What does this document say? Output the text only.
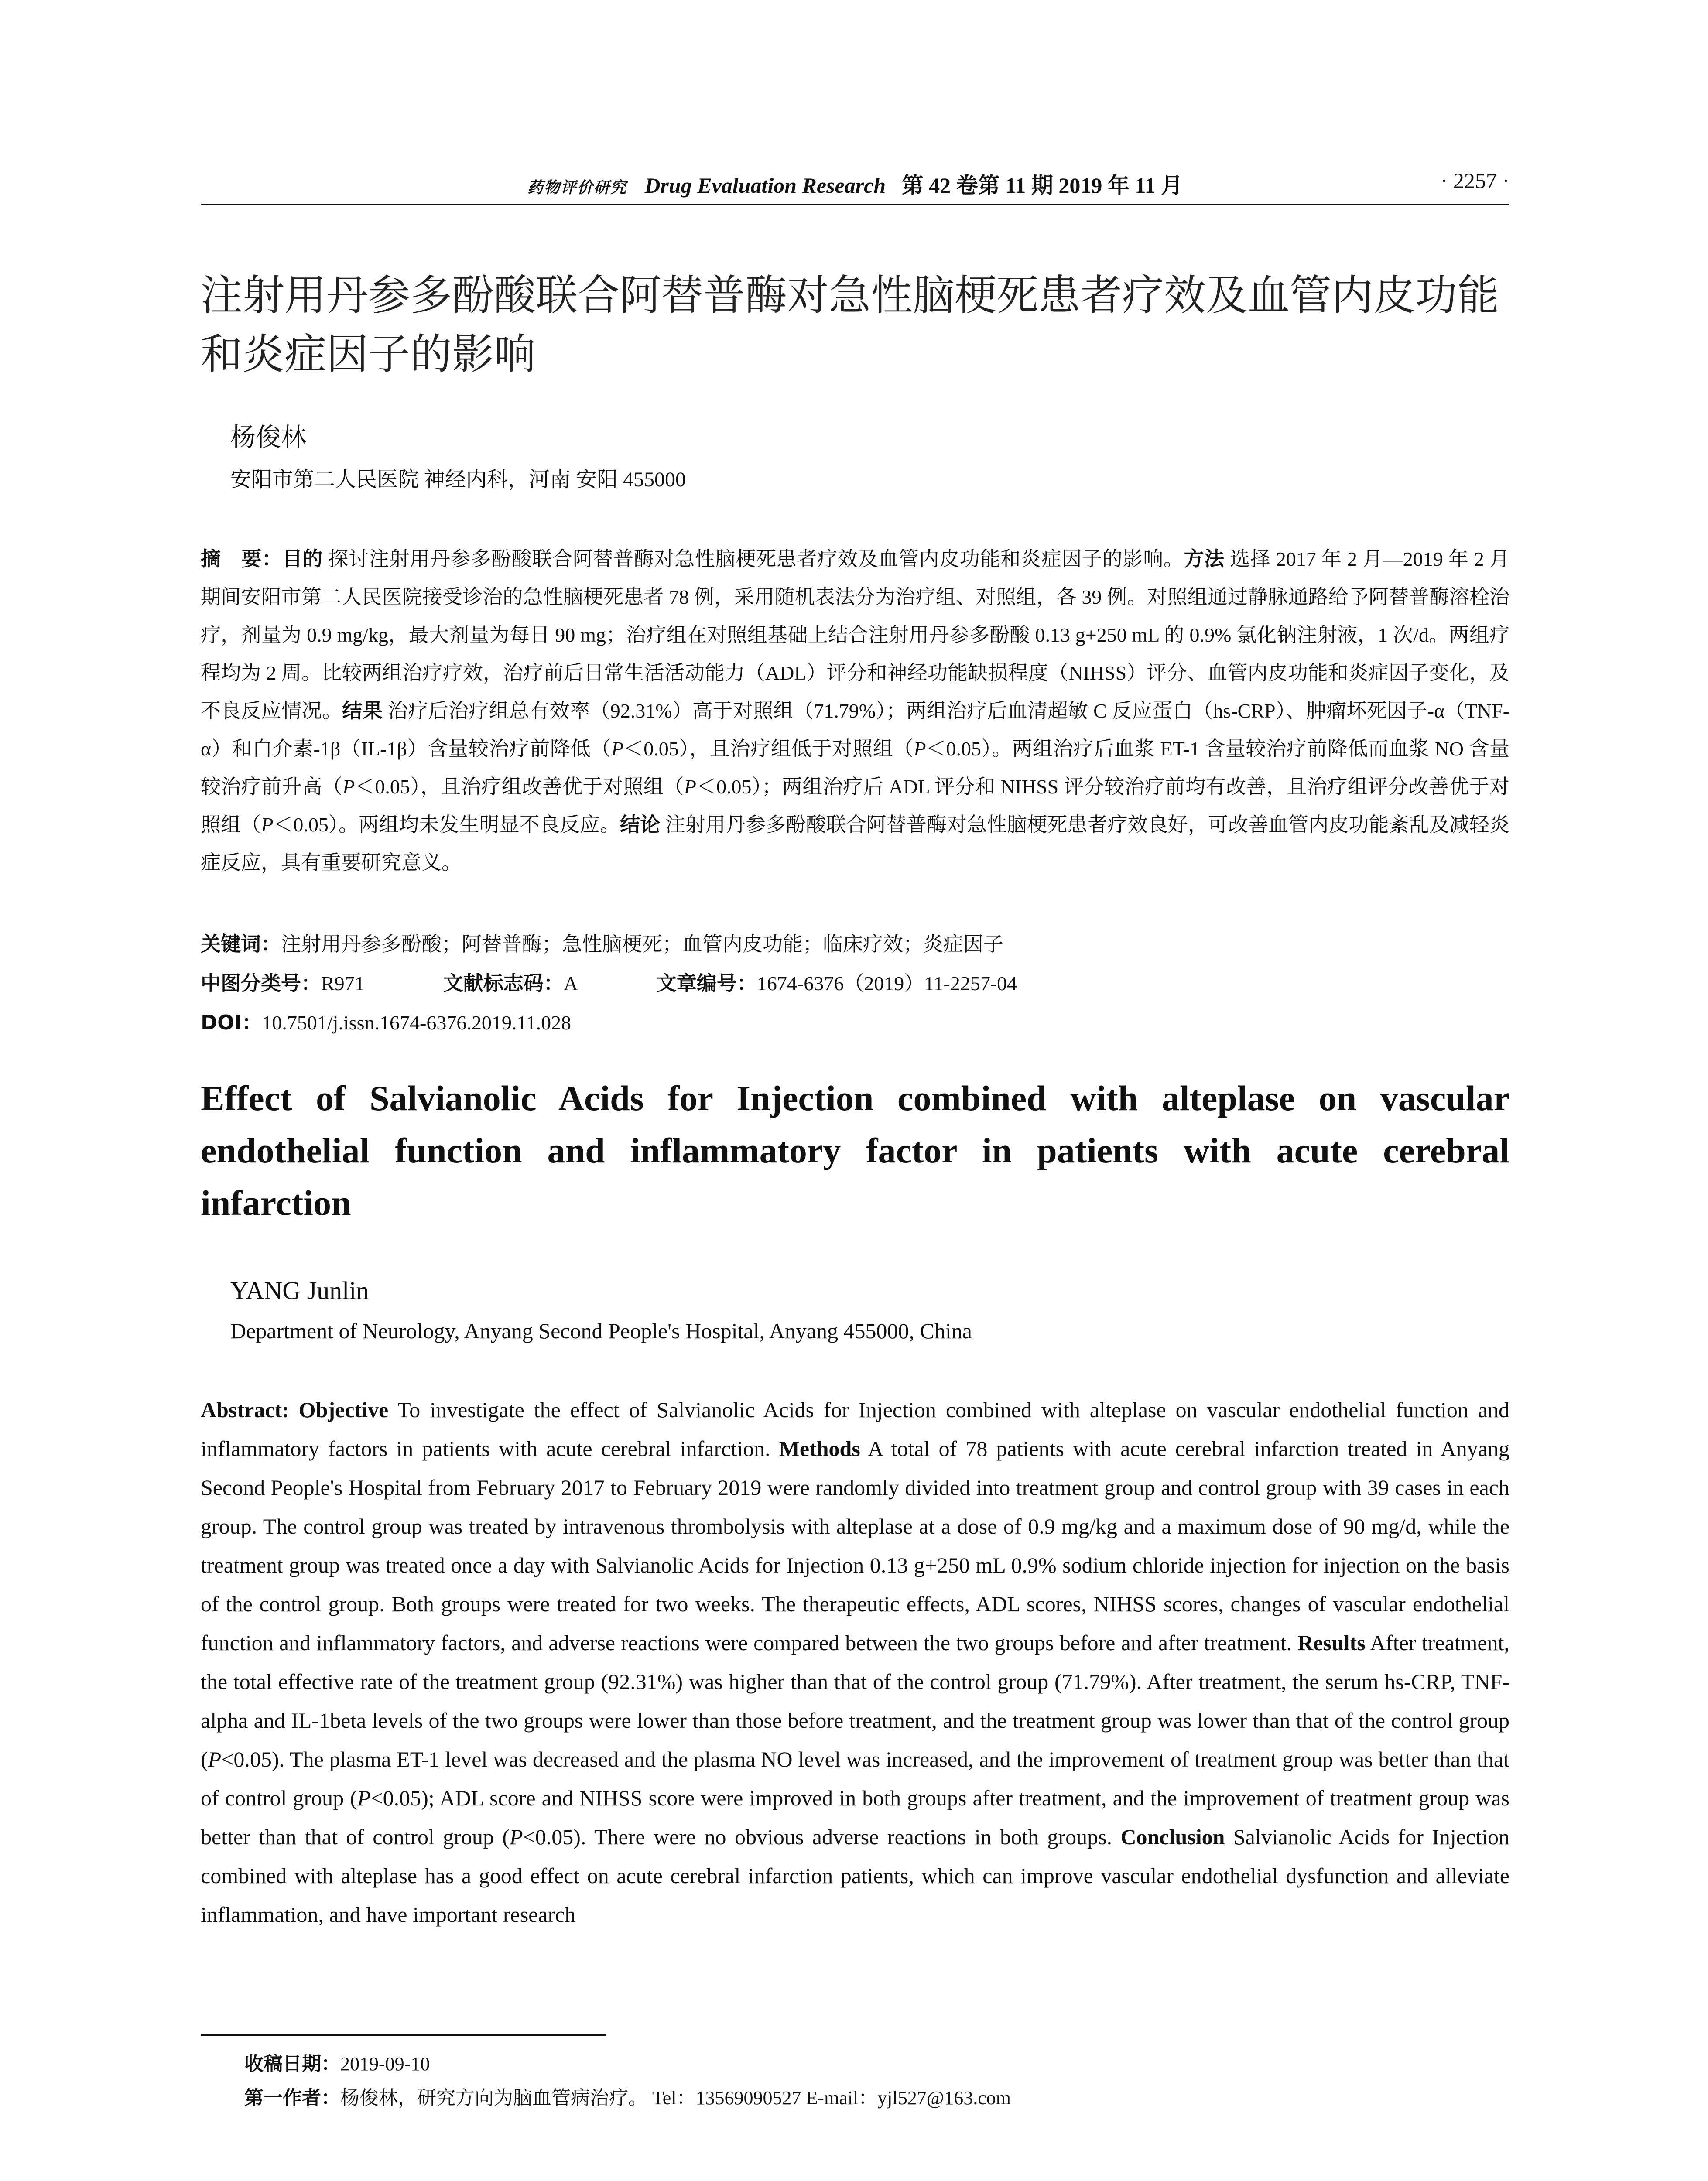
药物评价研究 Drug Evaluation Research 第 42 卷第 11 期 2019 年 11 月	· 2257 ·
注射用丹参多酚酸联合阿替普酶对急性脑梗死患者疗效及血管内皮功能和炎症因子的影响
杨俊林
安阳市第二人民医院 神经内科，河南 安阳 455000
摘　要：目的 探讨注射用丹参多酚酸联合阿替普酶对急性脑梗死患者疗效及血管内皮功能和炎症因子的影响。方法 选择 2017 年 2 月—2019 年 2 月期间安阳市第二人民医院接受诊治的急性脑梗死患者 78 例，采用随机表法分为治疗组、对照组，各 39 例。对照组通过静脉通路给予阿替普酶溶栓治疗，剂量为 0.9 mg/kg，最大剂量为每日 90 mg；治疗组在对照组基础上结合注射用丹参多酚酸 0.13 g+250 mL 的 0.9% 氯化钠注射液，1 次/d。两组疗程均为 2 周。比较两组治疗疗效，治疗前后日常生活活动能力（ADL）评分和神经功能缺损程度（NIHSS）评分、血管内皮功能和炎症因子变化，及不良反应情况。结果 治疗后治疗组总有效率（92.31%）高于对照组（71.79%）；两组治疗后血清超敏 C 反应蛋白（hs-CRP）、肿瘤坏死因子-α（TNF-α）和白介素-1β（IL-1β）含量较治疗前降低（P＜0.05），且治疗组低于对照组（P＜0.05）。两组治疗后血浆 ET-1 含量较治疗前降低而血浆 NO 含量较治疗前升高（P＜0.05），且治疗组改善优于对照组（P＜0.05）；两组治疗后 ADL 评分和 NIHSS 评分较治疗前均有改善，且治疗组评分改善优于对照组（P＜0.05）。两组均未发生明显不良反应。结论 注射用丹参多酚酸联合阿替普酶对急性脑梗死患者疗效良好，可改善血管内皮功能紊乱及减轻炎症反应，具有重要研究意义。
关键词：注射用丹参多酚酸；阿替普酶；急性脑梗死；血管内皮功能；临床疗效；炎症因子
中图分类号：R971	文献标志码：A	文章编号：1674-6376（2019）11-2257-04
DOI：10.7501/j.issn.1674-6376.2019.11.028
Effect of Salvianolic Acids for Injection combined with alteplase on vascular endothelial function and inflammatory factor in patients with acute cerebral infarction
YANG Junlin
Department of Neurology, Anyang Second People's Hospital, Anyang 455000, China
Abstract: Objective To investigate the effect of Salvianolic Acids for Injection combined with alteplase on vascular endothelial function and inflammatory factors in patients with acute cerebral infarction. Methods A total of 78 patients with acute cerebral infarction treated in Anyang Second People's Hospital from February 2017 to February 2019 were randomly divided into treatment group and control group with 39 cases in each group. The control group was treated by intravenous thrombolysis with alteplase at a dose of 0.9 mg/kg and a maximum dose of 90 mg/d, while the treatment group was treated once a day with Salvianolic Acids for Injection 0.13 g+250 mL 0.9% sodium chloride injection for injection on the basis of the control group. Both groups were treated for two weeks. The therapeutic effects, ADL scores, NIHSS scores, changes of vascular endothelial function and inflammatory factors, and adverse reactions were compared between the two groups before and after treatment. Results After treatment, the total effective rate of the treatment group (92.31%) was higher than that of the control group (71.79%). After treatment, the serum hs-CRP, TNF-alpha and IL-1beta levels of the two groups were lower than those before treatment, and the treatment group was lower than that of the control group (P<0.05). The plasma ET-1 level was decreased and the plasma NO level was increased, and the improvement of treatment group was better than that of control group (P<0.05); ADL score and NIHSS score were improved in both groups after treatment, and the improvement of treatment group was better than that of control group (P<0.05). There were no obvious adverse reactions in both groups. Conclusion Salvianolic Acids for Injection combined with alteplase has a good effect on acute cerebral infarction patients, which can improve vascular endothelial dysfunction and alleviate inflammation, and have important research
收稿日期：2019-09-10
第一作者：杨俊林，研究方向为脑血管病治疗。 Tel：13569090527 E-mail：yjl527@163.com
